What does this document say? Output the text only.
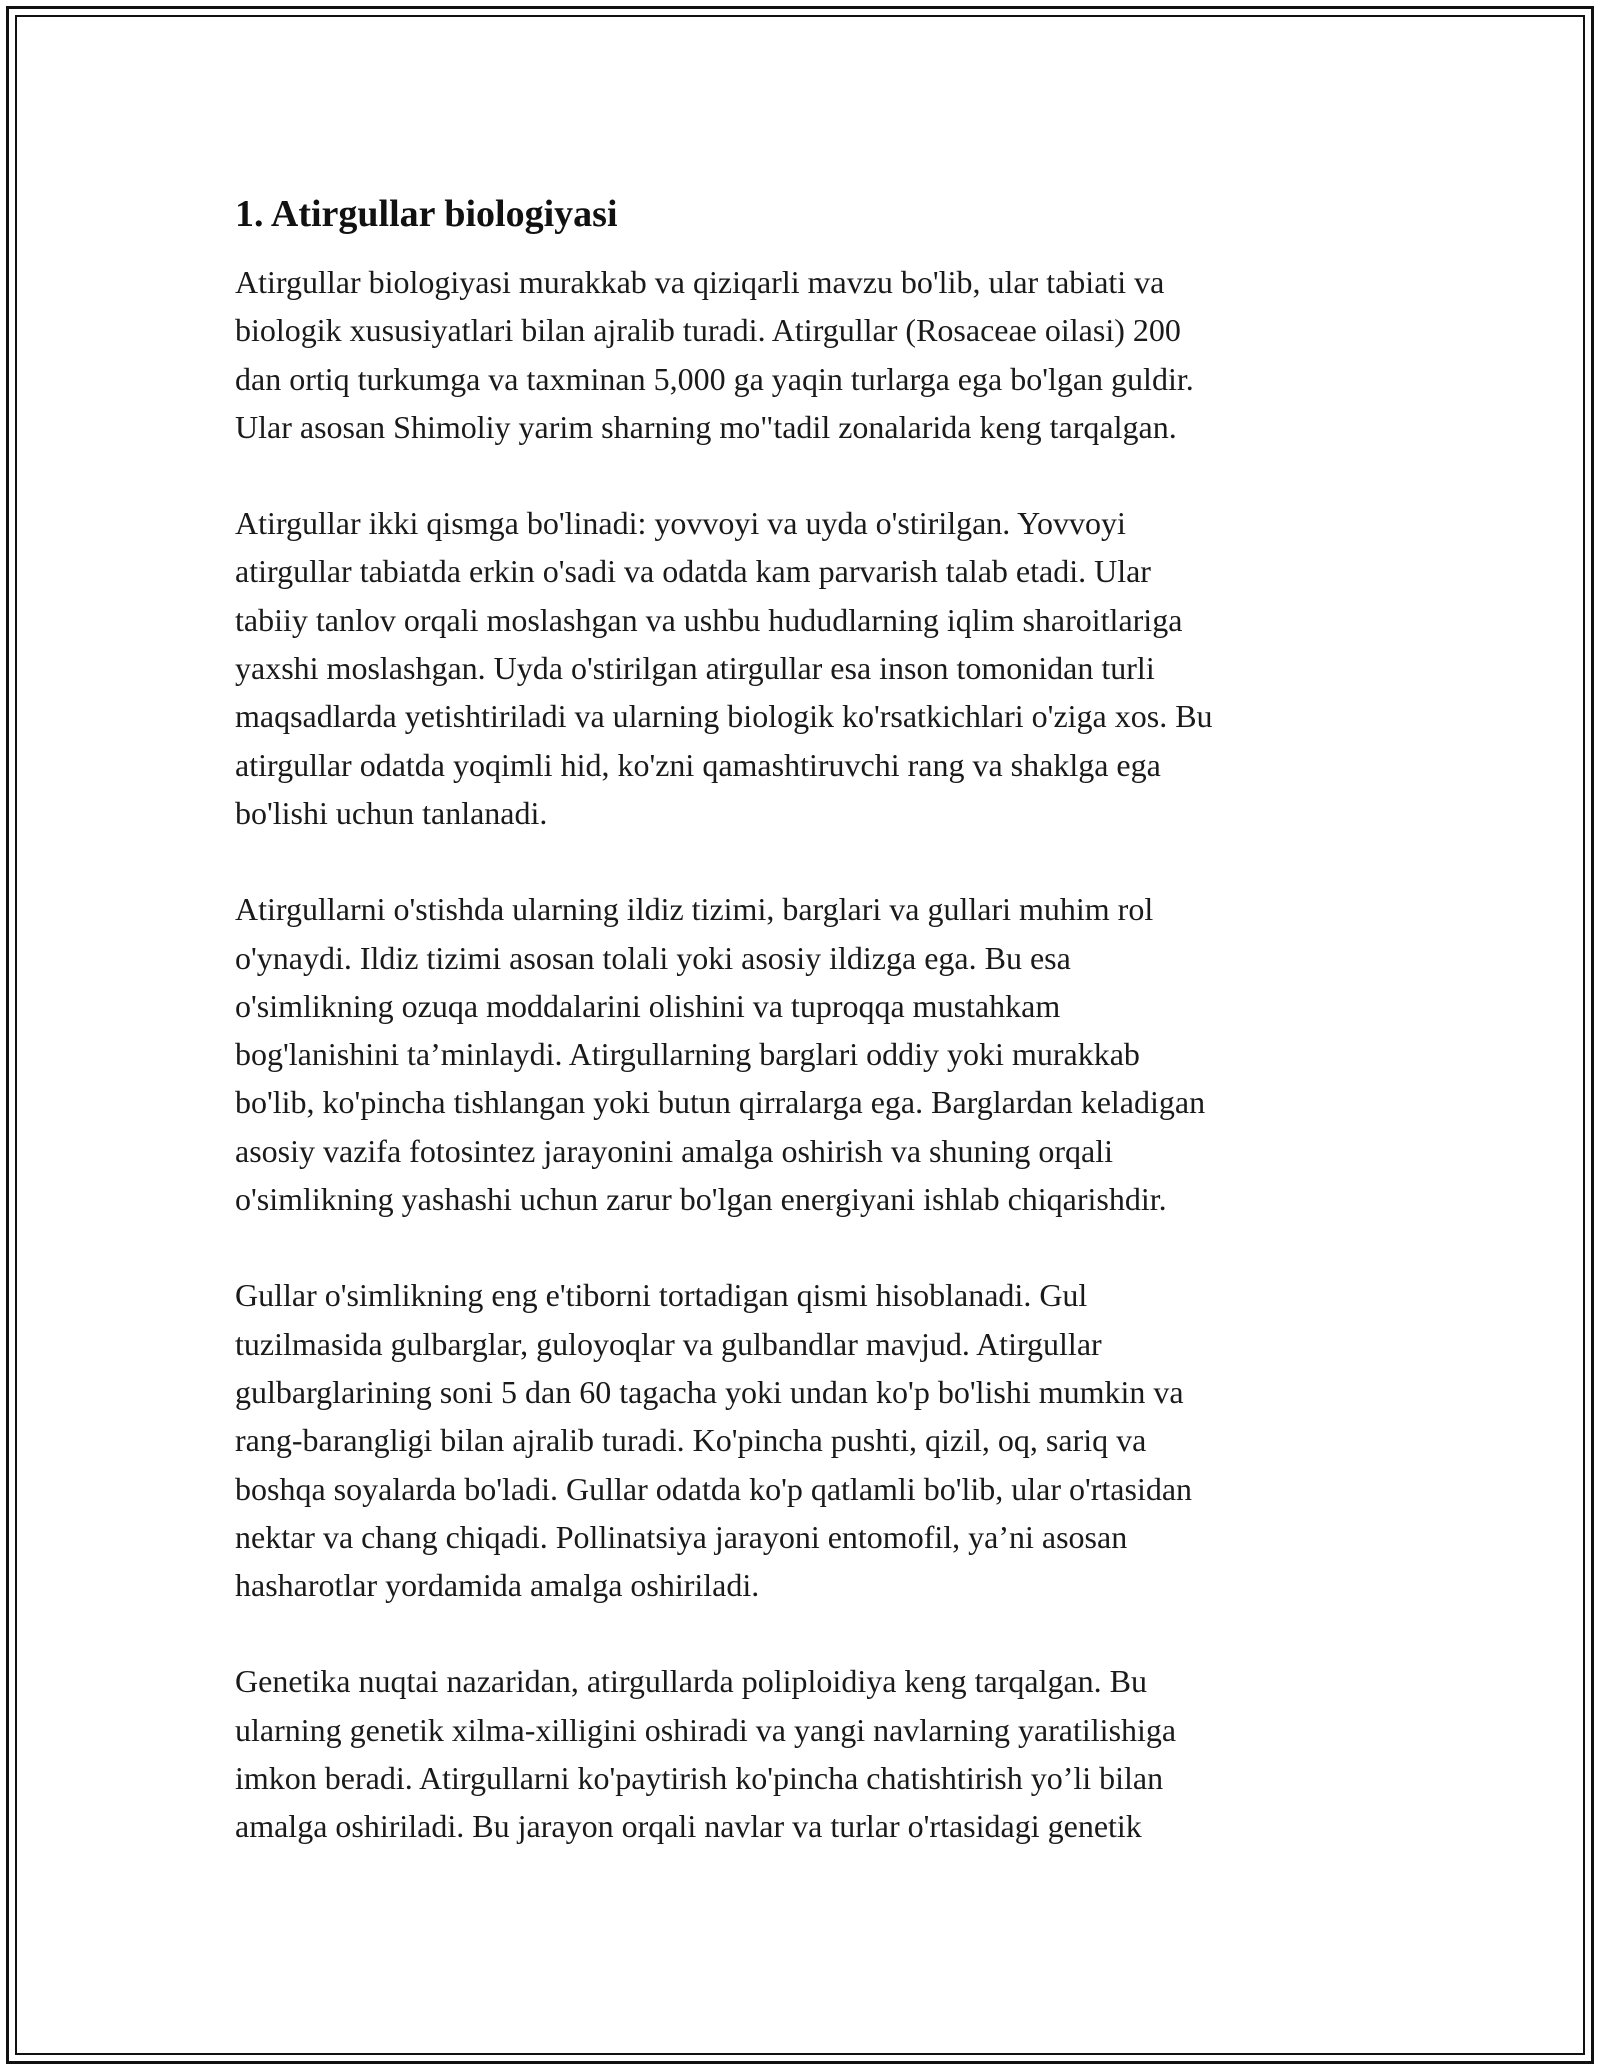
1. Atirgullar biologiyasi

Atirgullar biologiyasi murakkab va qiziqarli mavzu bo'lib, ular tabiati va
biologik xususiyatlari bilan ajralib turadi. Atirgullar (Rosaceae oilasi) 200
dan ortiq turkumga va taxminan 5,000 ga yaqin turlarga ega bo'lgan guldir.
Ular asosan Shimoliy yarim sharning mo"tadil zonalarida keng tarqalgan.

Atirgullar ikki qismga bo'linadi: yovvoyi va uyda o'stirilgan. Yovvoyi
atirgullar tabiatda erkin o'sadi va odatda kam parvarish talab etadi. Ular
tabiiy tanlov orqali moslashgan va ushbu hududlarning iqlim sharoitlariga
yaxshi moslashgan. Uyda o'stirilgan atirgullar esa inson tomonidan turli
maqsadlarda yetishtiriladi va ularning biologik ko'rsatkichlari o'ziga xos. Bu
atirgullar odatda yoqimli hid, ko'zni qamashtiruvchi rang va shaklga ega
bo'lishi uchun tanlanadi.

Atirgullarni o'stishda ularning ildiz tizimi, barglari va gullari muhim rol
o'ynaydi. Ildiz tizimi asosan tolali yoki asosiy ildizga ega. Bu esa
o'simlikning ozuqa moddalarini olishini va tuproqqa mustahkam
bog'lanishini ta’minlaydi. Atirgullarning barglari oddiy yoki murakkab
bo'lib, ko'pincha tishlangan yoki butun qirralarga ega. Barglardan keladigan
asosiy vazifa fotosintez jarayonini amalga oshirish va shuning orqali
o'simlikning yashashi uchun zarur bo'lgan energiyani ishlab chiqarishdir.

Gullar o'simlikning eng e'tiborni tortadigan qismi hisoblanadi. Gul
tuzilmasida gulbarglar, guloyoqlar va gulbandlar mavjud. Atirgullar
gulbarglarining soni 5 dan 60 tagacha yoki undan ko'p bo'lishi mumkin va
rang-barangligi bilan ajralib turadi. Ko'pincha pushti, qizil, oq, sariq va
boshqa soyalarda bo'ladi. Gullar odatda ko'p qatlamli bo'lib, ular o'rtasidan
nektar va chang chiqadi. Pollinatsiya jarayoni entomofil, ya’ni asosan
hasharotlar yordamida amalga oshiriladi.

Genetika nuqtai nazaridan, atirgullarda poliploidiya keng tarqalgan. Bu
ularning genetik xilma-xilligini oshiradi va yangi navlarning yaratilishiga
imkon beradi. Atirgullarni ko'paytirish ko'pincha chatishtirish yo’li bilan
amalga oshiriladi. Bu jarayon orqali navlar va turlar o'rtasidagi genetik
